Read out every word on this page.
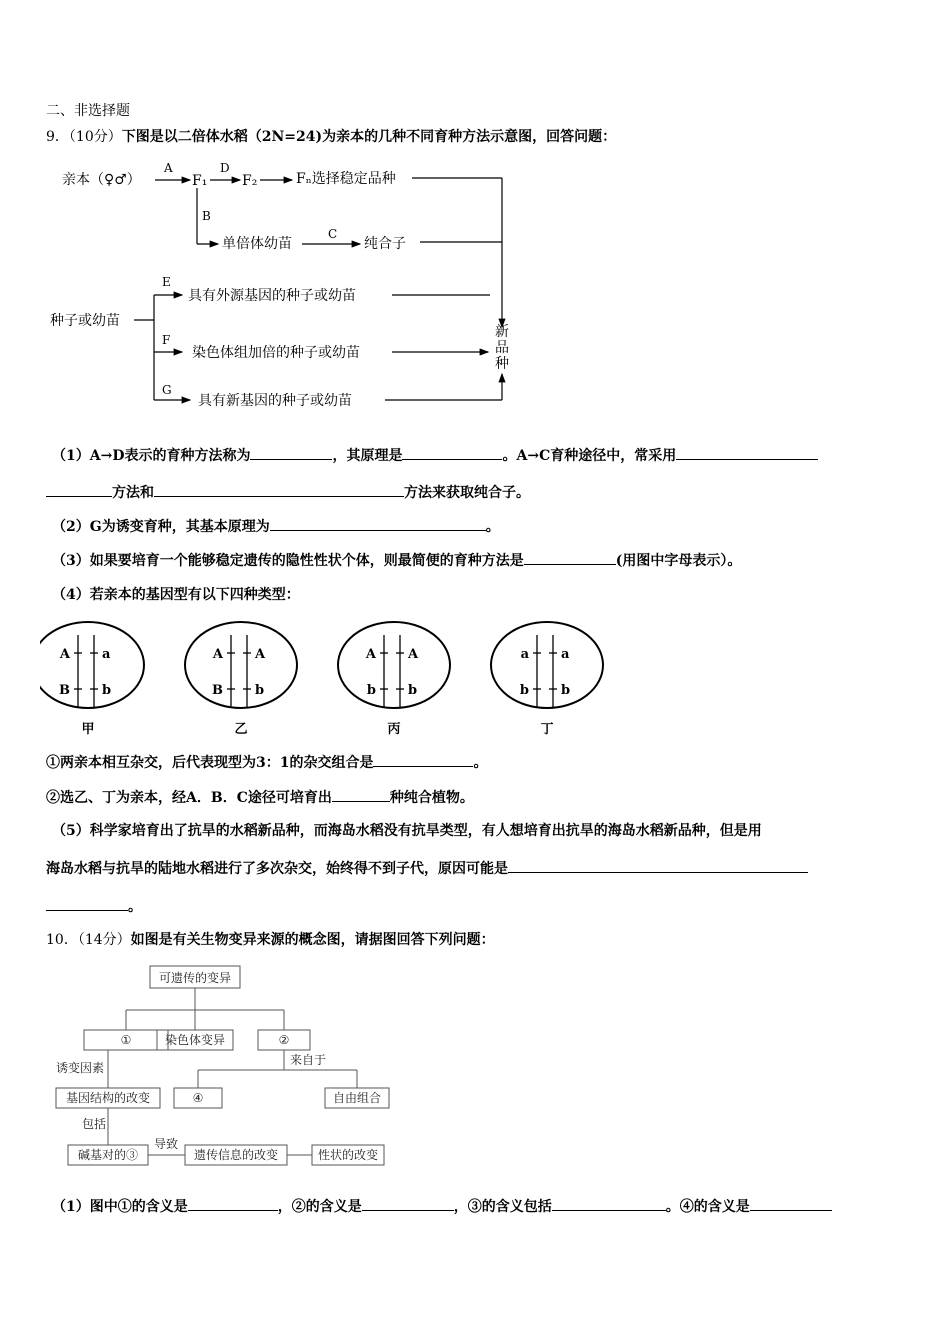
二、非选择题
9．（10分）下图是以二倍体水稻（2N=24)为亲本的几种不同育种方法示意图，回答问题：
亲本（♀♂）
A
F₁
D
F₂	Fₙ选择稳定品种
B
单倍体幼苗
C
纯合子
种子或幼苗
E
具有外源基因的种子或幼苗
F
染色体组加倍的种子或幼苗
G
具有新基因的种子或幼苗
新
品
种
（1）A→D表示的育种方法称为	，其原理是	。A→C育种途径中，常采用
方法和	方法来获取纯合子。
（2）G为诱变育种，其基本原理为	。
（3）如果要培育一个能够稳定遗传的隐性性状个体，则最简便的育种方法是	(用图中字母表示）。
（4）若亲本的基因型有以下四种类型：
A a
B b
甲
A A
B b
乙
A A
b b
丙
a a
b b
丁
①两亲本相互杂交，后代表现型为3：1的杂交组合是	。
②选乙、丁为亲本，经A．B．C途径可培育出	种纯合植物。
（5）科学家培育出了抗旱的水稻新品种，而海岛水稻没有抗旱类型，有人想培育出抗旱的海岛水稻新品种，但是用
海岛水稻与抗旱的陆地水稻进行了多次杂交，始终得不到子代，原因可能是
。
10．（14分）如图是有关生物变异来源的概念图，请据图回答下列问题：
可遗传的变异
①	染色体变异	②
诱变因素
来自于
基因结构的改变	④	自由组合
包括
碱基对的③
导致
遗传信息的改变	性状的改变
（1）图中①的含义是	，②的含义是	，③的含义包括	。④的含义是
